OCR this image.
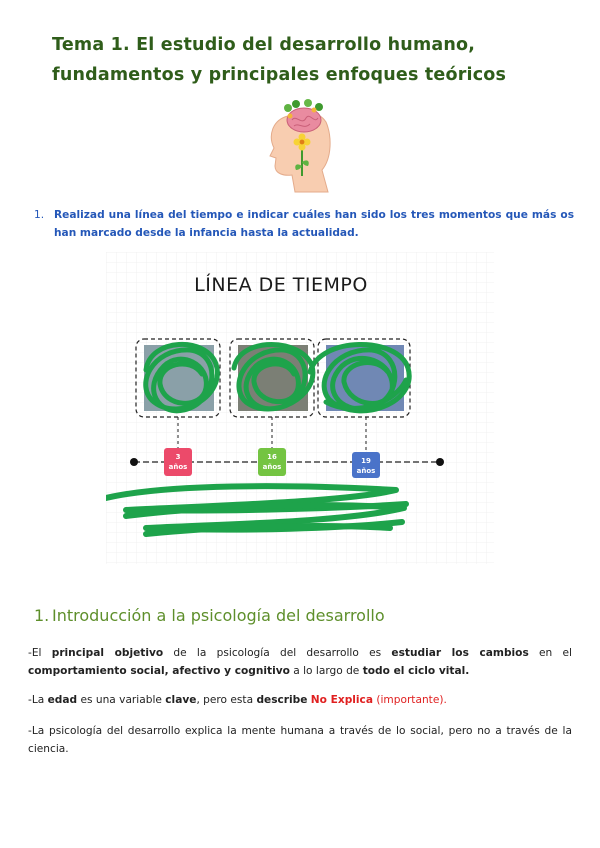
Tema 1. El estudio del desarrollo humano,
fundamentos y principales enfoques teóricos
1. Realizad una línea del tiempo e indicar cuáles han sido los tres momentos que más os han marcado desde la infancia hasta la actualidad.
3
años
16
años
19
años
LÍNEA DE TIEMPO
1. Introducción a la psicología del desarrollo

-El principal objetivo de la psicología del desarrollo es estudiar los cambios en el comportamiento social, afectivo y cognitivo a lo largo de todo el ciclo vital.

-La edad es una variable clave, pero esta describe No Explica (importante).

-La psicología del desarrollo explica la mente humana a través de lo social, pero no a través de la ciencia.
